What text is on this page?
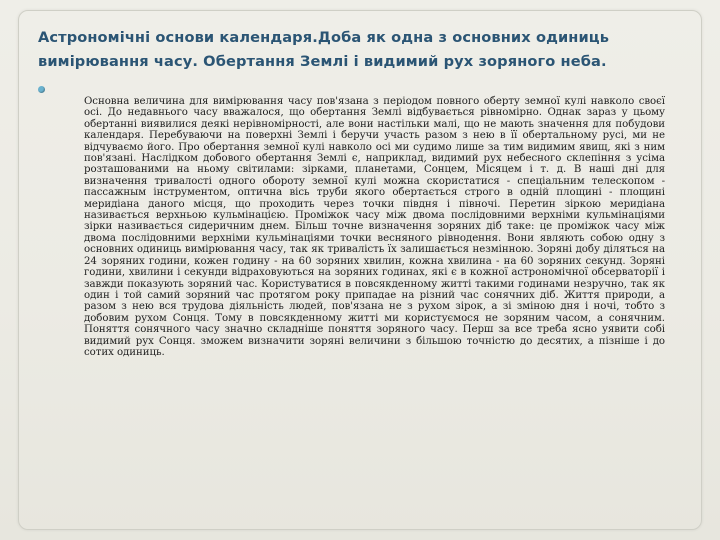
Астрономічні основи календаря.Доба як одна з основних одиниць вимірювання часу. Обертання Землі і видимий рух зоряного неба.

Основна величина для вимірювання часу пов'язана з періодом повного оберту земної кулі навколо своєї осі. До недавнього часу вважалося, що обертання Землі відбувається рівномірно. Однак зараз у цьому обертанні виявилися деякі нерівномірності, але вони настільки малі, що не мають значення для побудови календаря. Перебуваючи на поверхні Землі і беручи участь разом з нею в її обертальному русі, ми не відчуваємо його. Про обертання земної кулі навколо осі ми судимо лише за тим видимим явищ, які з ним пов'язані. Наслідком добового обертання Землі є, наприклад, видимий рух небесного склепіння з усіма розташованими на ньому світилами: зірками, планетами, Сонцем, Місяцем і т. д. В наші дні для визначення тривалості одного обороту земної кулі можна скористатися - спеціальним телескопом - пассажным інструментом, оптична вісь труби якого обертається строго в одній площині - площині меридіана даного місця, що проходить через точки півдня і півночі. Перетин зіркою меридіана називається верхньою кульмінацією. Проміжок часу між двома послідовними верхніми кульмінаціями зірки називається сидеричним днем. Більш точне визначення зоряних діб таке: це проміжок часу між двома послідовними верхніми кульмінаціями точки весняного рівнодення. Вони являють собою одну з основних одиниць вимірювання часу, так як тривалість їх залишається незмінною. Зоряні добу діляться на 24 зоряних години, кожен годину - на 60 зоряних хвилин, кожна хвилина - на 60 зоряних секунд. Зоряні години, хвилини і секунди відраховуються на зоряних годинах, які є в кожної астрономічної обсерваторії і завжди показують зоряний час. Користуватися в повсякденному житті такими годинами незручно, так як один і той самий зоряний час протягом року припадае на різний час сонячних діб. Життя природи, а разом з нею вся трудова діяльність людей, пов'язана не з рухом зірок, а зі зміною дня і ночі, тобто з добовим рухом Сонця. Тому в повсякденному житті ми користуємося не зоряним часом, а сонячним. Поняття сонячного часу значно складніше поняття зоряного часу. Перш за все треба ясно уявити собі видимий рух Сонця. зможем визначити зоряні величини з більшою точністю до десятих, а пізніше і до сотих одиниць.
